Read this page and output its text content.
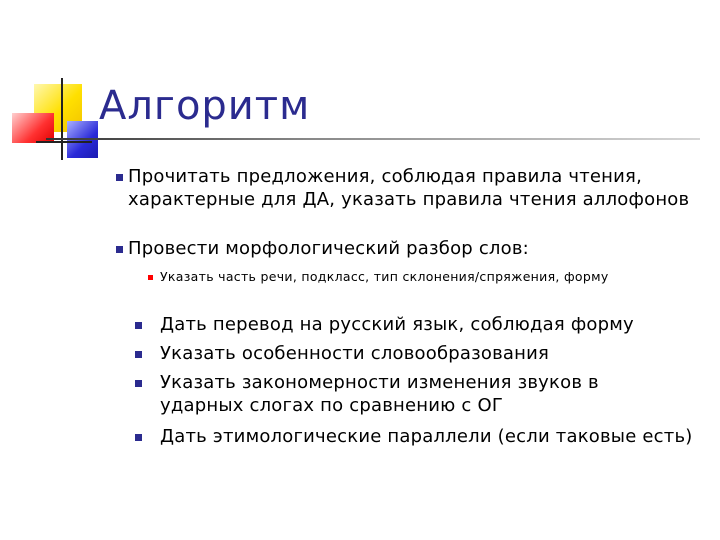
Алгоритм
Прочитать предложения, соблюдая правила чтения, характерные для ДА, указать правила чтения аллофонов
Провести морфологический разбор слов:
Указать часть речи, подкласс, тип склонения/спряжения, форму
Дать перевод на русский язык, соблюдая форму
Указать особенности словообразования
Указать закономерности изменения звуков в ударных слогах по сравнению с ОГ
Дать этимологические параллели (если таковые есть)
